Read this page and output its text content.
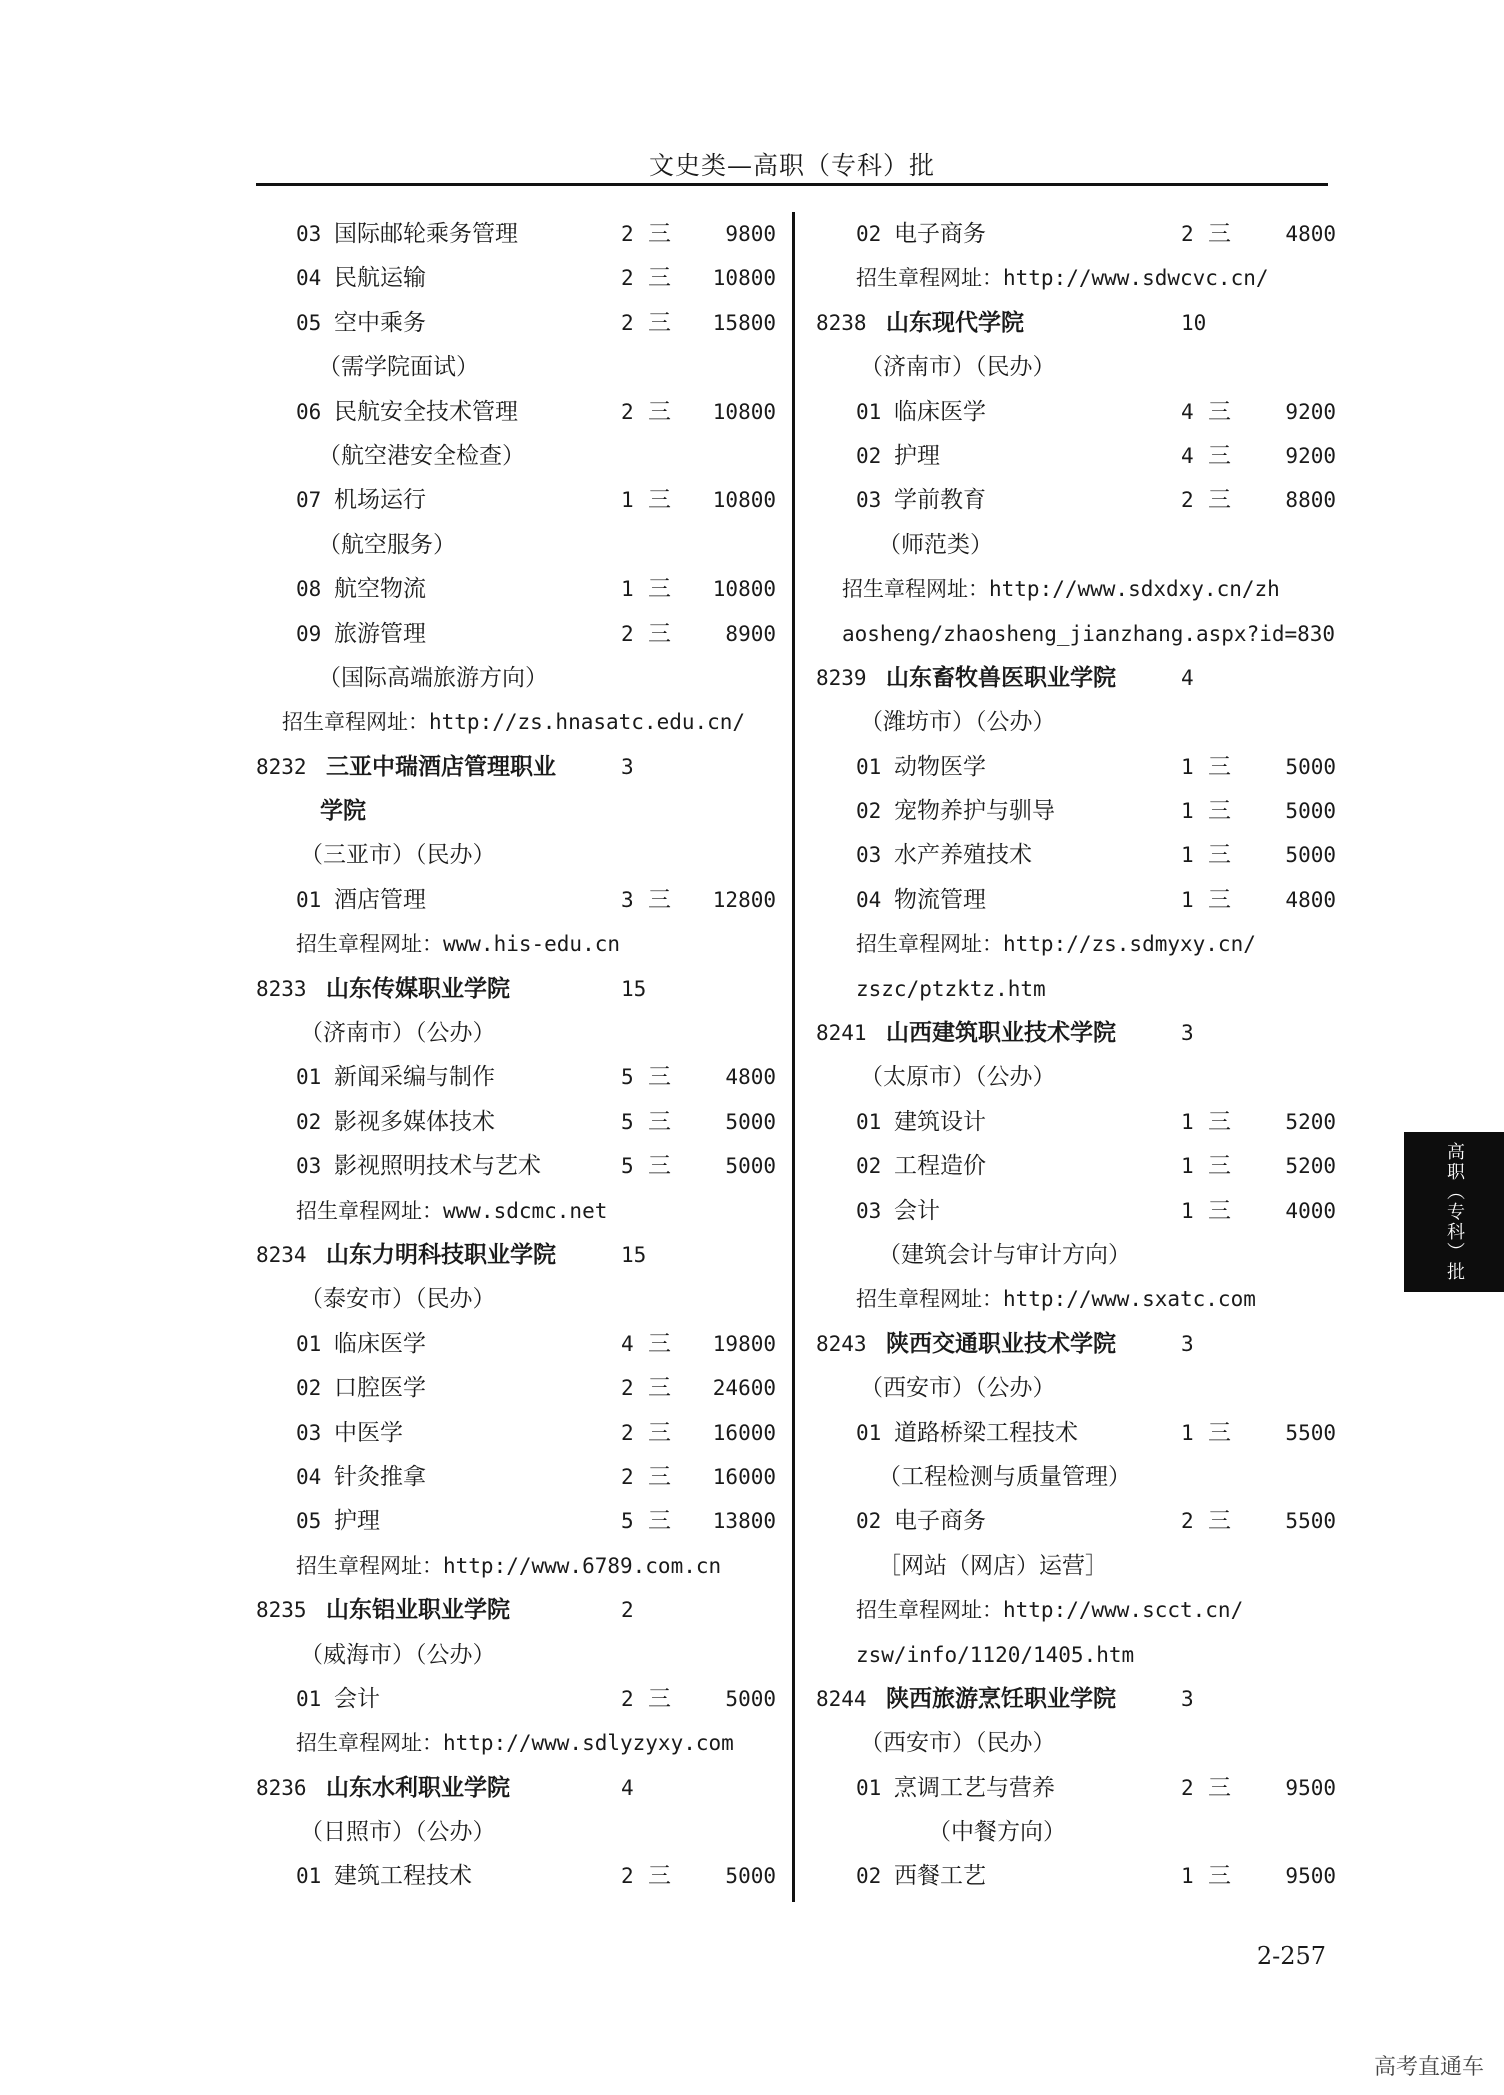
文史类—高职（专科）批
03 国际邮轮乘务管理	2 三	9800
04 民航运输	2 三 10800
05 空中乘务	2 三 15800
（需学院面试）
06 民航安全技术管理	2 三 10800
（航空港安全检查）
07 机场运行	1 三 10800
（航空服务）
08 航空物流	1 三 10800
09 旅游管理	2 三	8900
（国际高端旅游方向）
招生章程网址：http://zs.hnasatc.edu.cn/
8232 三亚中瑞酒店管理职业	3
学院
（三亚市）（民办）
01 酒店管理	3 三 12800
招生章程网址：www.his-edu.cn
8233 山东传媒职业学院	15
（济南市）（公办）
01 新闻采编与制作	5 三	4800
02 影视多媒体技术	5 三	5000
03 影视照明技术与艺术	5 三	5000
招生章程网址：www.sdcmc.net
8234 山东力明科技职业学院	15
（泰安市）（民办）
01 临床医学	4 三 19800
02 口腔医学	2 三 24600
03 中医学	2 三 16000
04 针灸推拿	2 三 16000
05 护理	5 三 13800
招生章程网址：http://www.6789.com.cn
8235 山东铝业职业学院	2
（威海市）（公办）
01 会计	2 三	5000
招生章程网址：http://www.sdlyzyxy.com
8236 山东水利职业学院	4
（日照市）（公办）
01 建筑工程技术	2 三	5000
02 电子商务	2 三	4800
招生章程网址：http://www.sdwcvc.cn/
8238 山东现代学院	10
（济南市）（民办）
01 临床医学	4 三	9200
02 护理	4 三	9200
03 学前教育	2 三	8800
（师范类）
招生章程网址：http://www.sdxdxy.cn/zh
aosheng/zhaosheng_jianzhang.aspx?id=830
8239 山东畜牧兽医职业学院	4
（潍坊市）（公办）
01 动物医学	1 三	5000
02 宠物养护与驯导	1 三	5000
03 水产养殖技术	1 三	5000
04 物流管理	1 三	4800
招生章程网址：http://zs.sdmyxy.cn/
zszc/ptzktz.htm
8241 山西建筑职业技术学院	3
（太原市）（公办）
01 建筑设计	1 三	5200
02 工程造价	1 三	5200
03 会计	1 三	4000
（建筑会计与审计方向）
招生章程网址：http://www.sxatc.com
8243 陕西交通职业技术学院	3
（西安市）（公办）
01 道路桥梁工程技术	1 三	5500
（工程检测与质量管理）
02 电子商务	2 三	5500
［网站（网店）运营］
招生章程网址：http://www.scct.cn/
zsw/info/1120/1405.htm
8244 陕西旅游烹饪职业学院	3
（西安市）（民办）
01 烹调工艺与营养	2 三	9500
（中餐方向）
02 西餐工艺	1 三	9500
高职（专科）批
2-257
高考直通车
